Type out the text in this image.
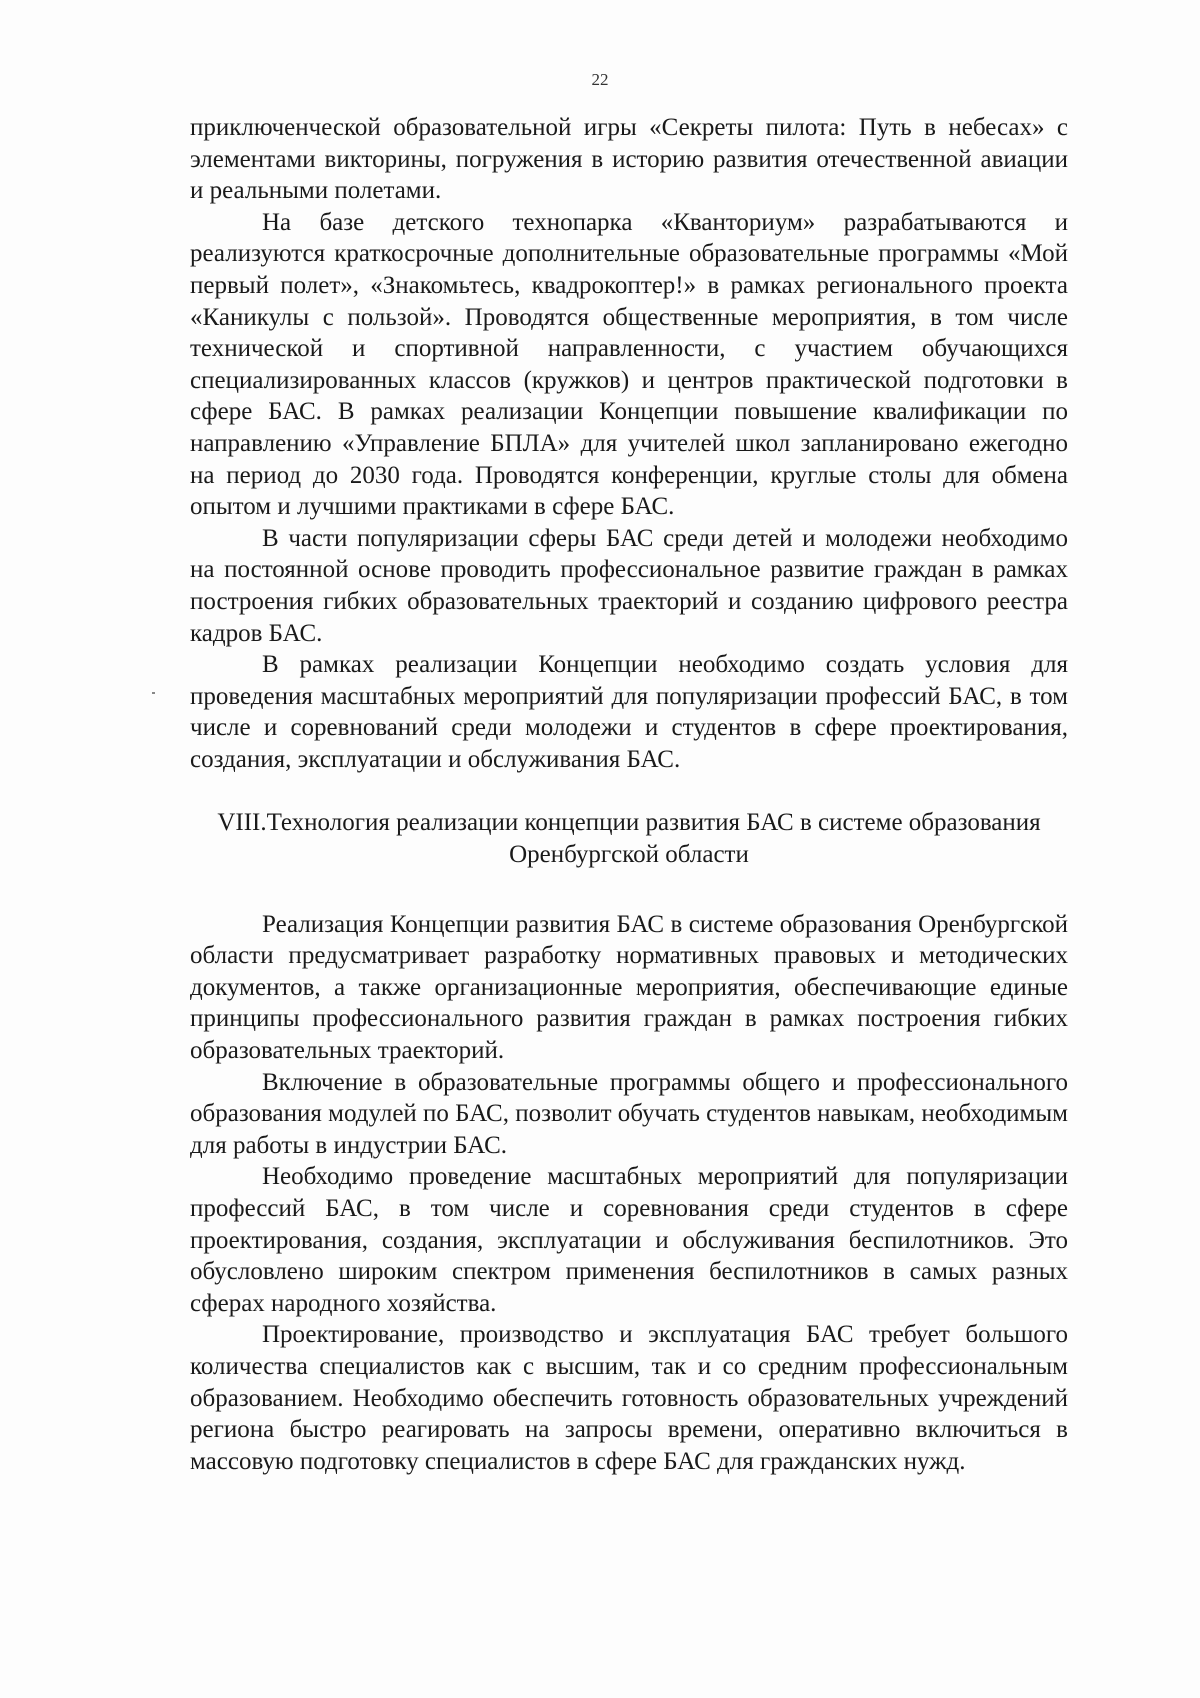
22

приключенческой образовательной игры «Секреты пилота: Путь в небесах» с элементами викторины, погружения в историю развития отечественной авиации и реальными полетами.

На базе детского технопарка «Кванториум» разрабатываются и реализуются краткосрочные дополнительные образовательные программы «Мой первый полет», «Знакомьтесь, квадрокоптер!» в рамках регионального проекта «Каникулы с пользой». Проводятся общественные мероприятия, в том числе технической и спортивной направленности, с участием обучающихся специализированных классов (кружков) и центров практической подготовки в сфере БАС. В рамках реализации Концепции повышение квалификации по направлению «Управление БПЛА» для учителей школ запланировано ежегодно на период до 2030 года. Проводятся конференции, круглые столы для обмена опытом и лучшими практиками в сфере БАС.

В части популяризации сферы БАС среди детей и молодежи необходимо на постоянной основе проводить профессиональное развитие граждан в рамках построения гибких образовательных траекторий и созданию цифрового реестра кадров БАС.

В рамках реализации Концепции необходимо создать условия для проведения масштабных мероприятий для популяризации профессий БАС, в том числе и соревнований среди молодежи и студентов в сфере проектирования, создания, эксплуатации и обслуживания БАС.

VIII.Технология реализации концепции развития БАС в системе образования
Оренбургской области

Реализация Концепции развития БАС в системе образования Оренбургской области предусматривает разработку нормативных правовых и методических документов, а также организационные мероприятия, обеспечивающие единые принципы профессионального развития граждан в рамках построения гибких образовательных траекторий.

Включение в образовательные программы общего и профессионального образования модулей по БАС, позволит обучать студентов навыкам, необходимым для работы в индустрии БАС.

Необходимо проведение масштабных мероприятий для популяризации профессий БАС, в том числе и соревнования среди студентов в сфере проектирования, создания, эксплуатации и обслуживания беспилотников. Это обусловлено широким спектром применения беспилотников в самых разных сферах народного хозяйства.

Проектирование, производство и эксплуатация БАС требует большого количества специалистов как с высшим, так и со средним профессиональным образованием. Необходимо обеспечить готовность образовательных учреждений региона быстро реагировать на запросы времени, оперативно включиться в массовую подготовку специалистов в сфере БАС для гражданских нужд.
